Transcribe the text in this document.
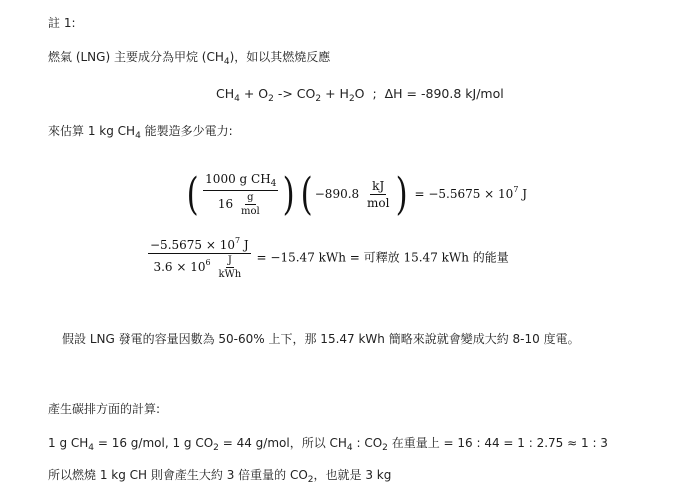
註 1:
燃氣 (LNG) 主要成分為甲烷 $(CH_4)$，如以其燃燒反應
$CH_4 + O_2 -> CO_2 + H_2O$  ;  ΔH = -890.8 kJ/mol
來估算 1 kg $CH_4$ 能製造多少電力:
( $\frac{1000 g CH_4}{16 \frac{g}{\text{mol}}}$ ) ( $-890.8 \frac{kJ}{\text{mol}}$ ) = $-5.5675 \times 10^7$ J
$\frac{-5.5675 \times 10^7 J}{3.6 \times 10^6 \frac{J}{\text{kWh}}} = -15.47$ kWh = 可釋放 15.47 kWh 的能量
假設 LNG 發電的容量因數為 50-60% 上下，那 15.47 kWh 簡略來說就會變成大約 8-10 度電。
產生碳排方面的計算:
1 g $CH_4 = 16$ g/mol, 1 g $CO_2 = 44$ g/mol，所以 $CH_4$ : $CO_2$ 在重量上 = 16 : 44 = 1 : 2.75 ≈ 1 : 3
所以燃燒 1 kg CH 則會產生大約 3 倍重量的 $CO_2$，也就是 3 kg
